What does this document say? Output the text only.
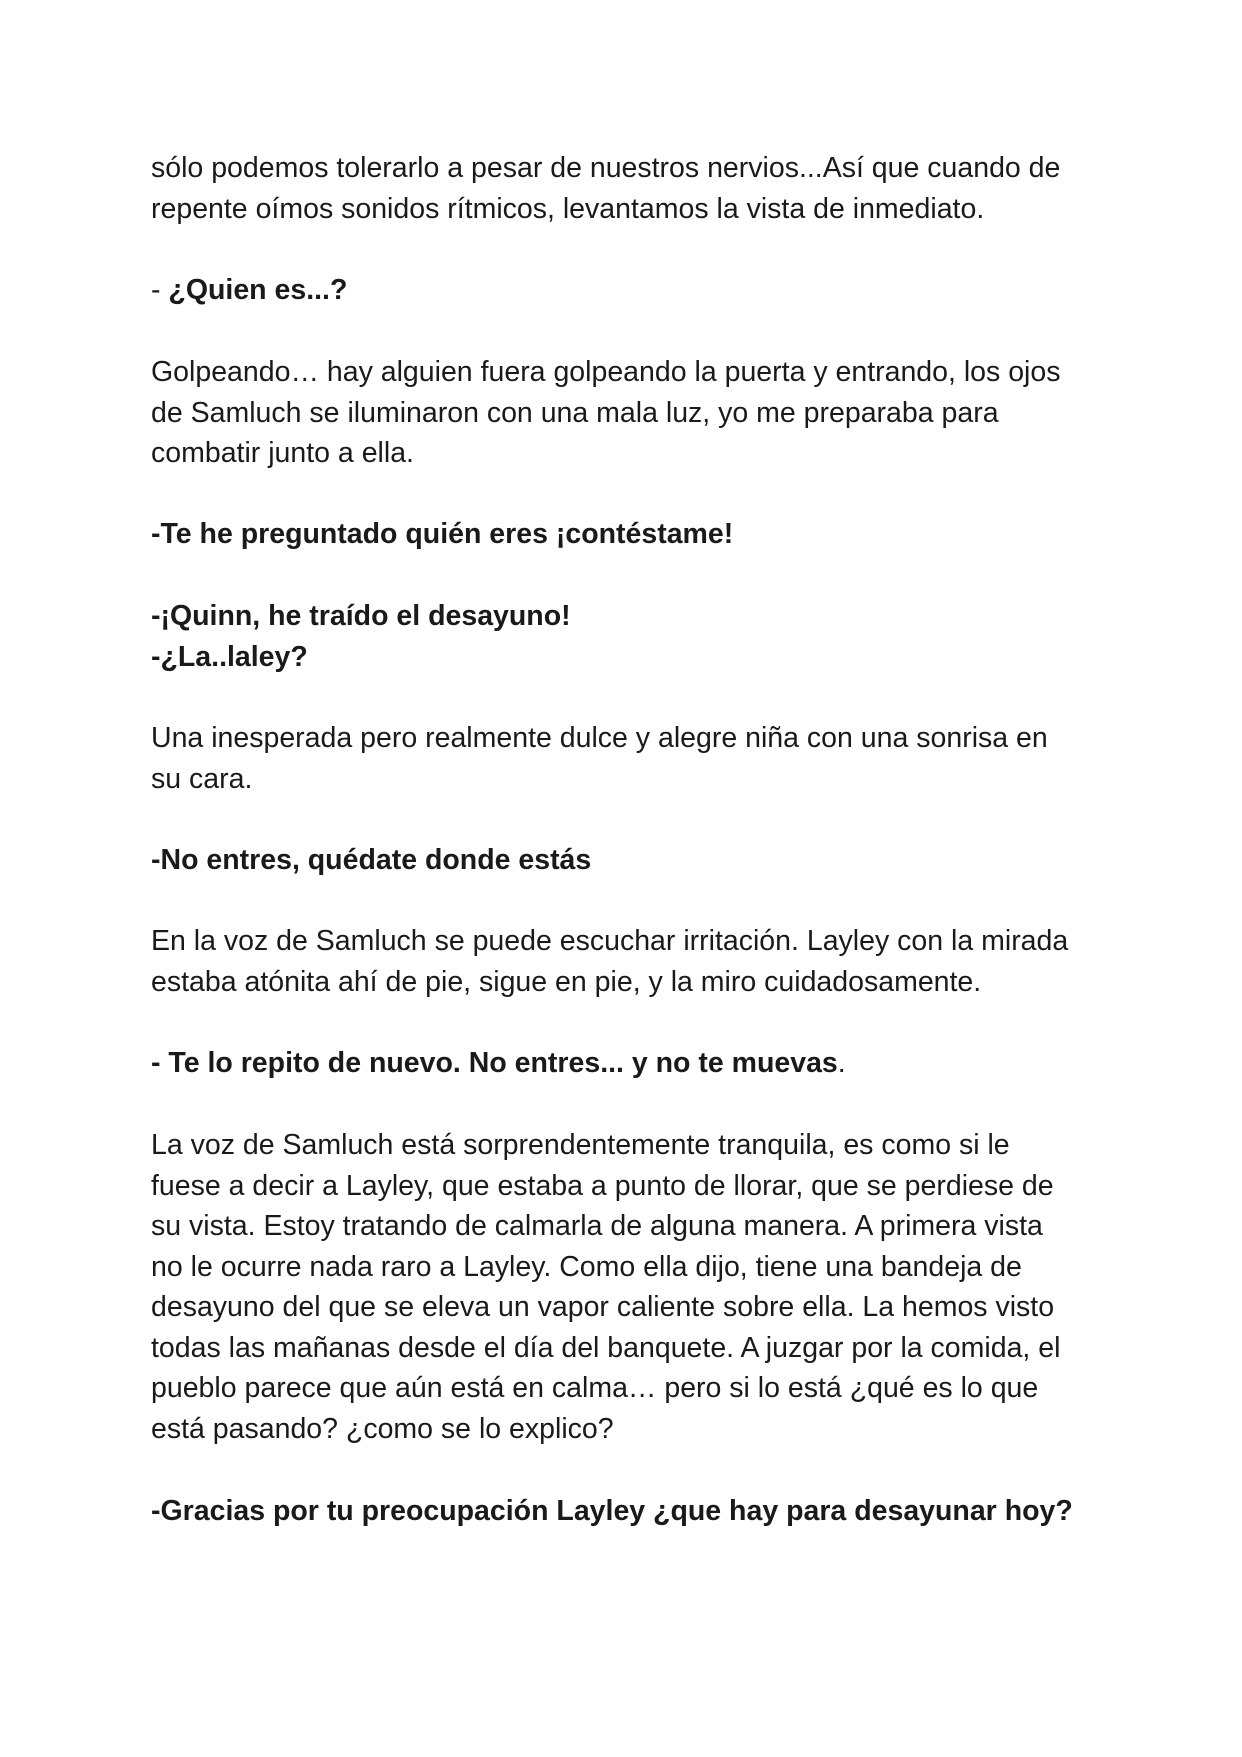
sólo podemos tolerarlo a pesar de nuestros nervios...Así que cuando de
repente oímos sonidos rítmicos, levantamos la vista de inmediato.

- ¿Quien es...?

Golpeando… hay alguien fuera golpeando la puerta y entrando, los ojos
de Samluch se iluminaron con una mala luz, yo me preparaba para
combatir junto a ella.

-Te he preguntado quién eres ¡contéstame!

-¡Quinn, he traído el desayuno!
-¿La..laley?

Una inesperada pero realmente dulce y alegre niña con una sonrisa en
su cara.

-No entres, quédate donde estás

En la voz de Samluch se puede escuchar irritación. Layley con la mirada
estaba atónita ahí de pie, sigue en pie, y la miro cuidadosamente.

- Te lo repito de nuevo. No entres... y no te muevas.

La voz de Samluch está sorprendentemente tranquila, es como si le
fuese a decir a Layley, que estaba a punto de llorar, que se perdiese de
su vista. Estoy tratando de calmarla de alguna manera. A primera vista
no le ocurre nada raro a Layley. Como ella dijo, tiene una bandeja de
desayuno del que se eleva un vapor caliente sobre ella. La hemos visto
todas las mañanas desde el día del banquete. A juzgar por la comida, el
pueblo parece que aún está en calma… pero si lo está ¿qué es lo que
está pasando? ¿como se lo explico?

-Gracias por tu preocupación Layley ¿que hay para desayunar hoy?
